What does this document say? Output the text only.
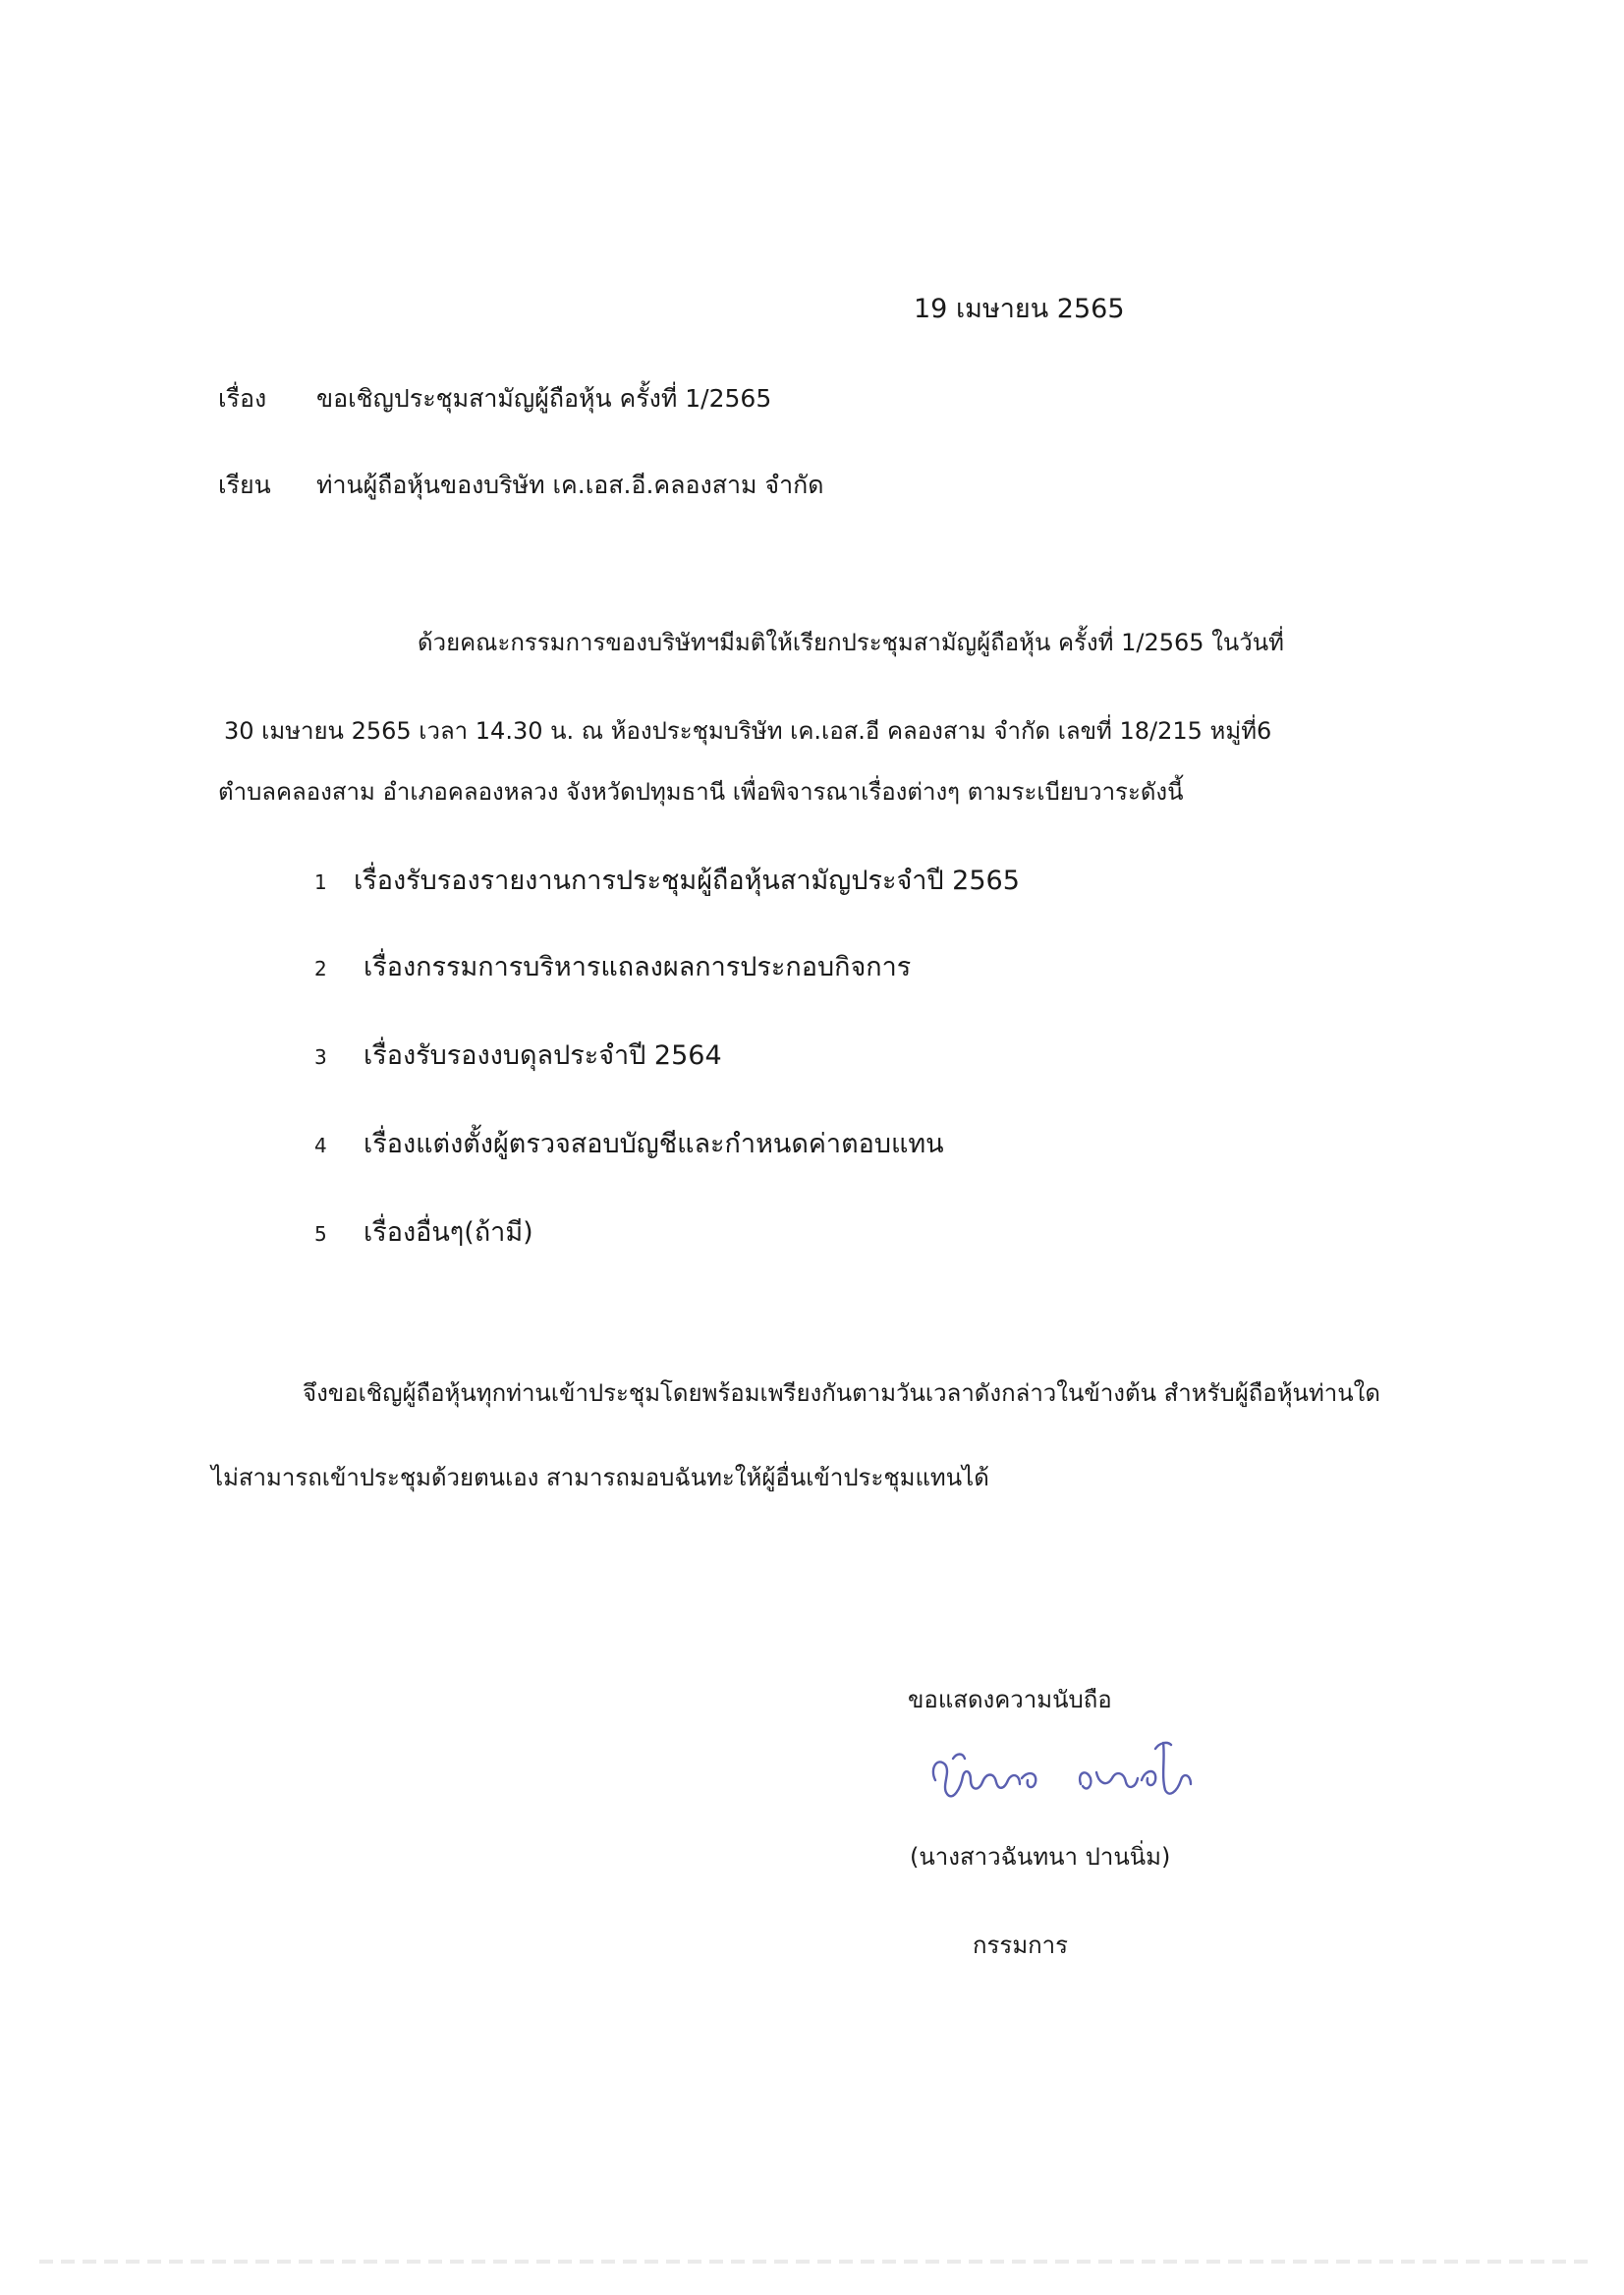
19 เมษายน 2565
เรื่อง ขอเชิญประชุมสามัญผู้ถือหุ้น ครั้งที่ 1/2565
เรียน ท่านผู้ถือหุ้นของบริษัท เค.เอส.อี.คลองสาม จำกัด
ด้วยคณะกรรมการของบริษัทฯมีมติให้เรียกประชุมสามัญผู้ถือหุ้น ครั้งที่ 1/2565 ในวันที่
30 เมษายน 2565 เวลา 14.30 น. ณ ห้องประชุมบริษัท เค.เอส.อี คลองสาม จำกัด เลขที่ 18/215 หมู่ที่6
ตำบลคลองสาม อำเภอคลองหลวง จังหวัดปทุมธานี เพื่อพิจารณาเรื่องต่างๆ ตามระเบียบวาระดังนี้
1 เรื่องรับรองรายงานการประชุมผู้ถือหุ้นสามัญประจำปี 2565
2 เรื่องกรรมการบริหารแถลงผลการประกอบกิจการ
3 เรื่องรับรองงบดุลประจำปี 2564
4 เรื่องแต่งตั้งผู้ตรวจสอบบัญชีและกำหนดค่าตอบแทน
5 เรื่องอื่นๆ(ถ้ามี)
จึงขอเชิญผู้ถือหุ้นทุกท่านเข้าประชุมโดยพร้อมเพรียงกันตามวันเวลาดังกล่าวในข้างต้น สำหรับผู้ถือหุ้นท่านใด
ไม่สามารถเข้าประชุมด้วยตนเอง สามารถมอบฉันทะให้ผู้อื่นเข้าประชุมแทนได้
ขอแสดงความนับถือ
(นางสาวฉันทนา ปานนิ่ม)
กรรมการ
